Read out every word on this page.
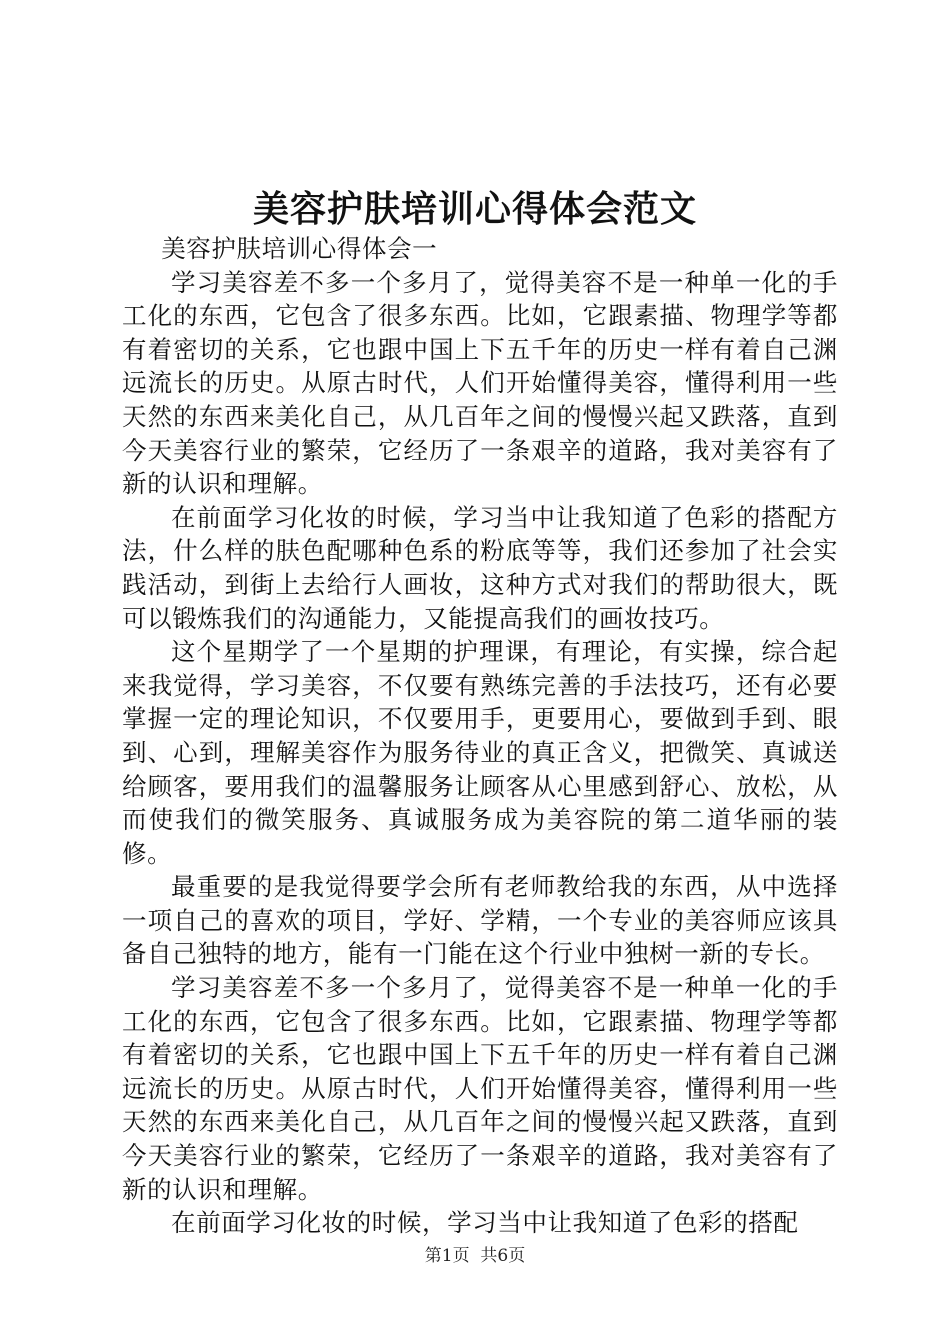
美容护肤培训心得体会范文

美容护肤培训心得体会一

学习美容差不多一个多月了，觉得美容不是一种单一化的手工化的东西，它包含了很多东西。比如，它跟素描、物理学等都有着密切的关系，它也跟中国上下五千年的历史一样有着自己渊远流长的历史。从原古时代，人们开始懂得美容，懂得利用一些天然的东西来美化自己，从几百年之间的慢慢兴起又跌落，直到今天美容行业的繁荣，它经历了一条艰辛的道路，我对美容有了新的认识和理解。

在前面学习化妆的时候，学习当中让我知道了色彩的搭配方法，什么样的肤色配哪种色系的粉底等等，我们还参加了社会实践活动，到街上去给行人画妆，这种方式对我们的帮助很大，既可以锻炼我们的沟通能力，又能提高我们的画妆技巧。

这个星期学了一个星期的护理课，有理论，有实操，综合起来我觉得，学习美容，不仅要有熟练完善的手法技巧，还有必要掌握一定的理论知识，不仅要用手，更要用心，要做到手到、眼到、心到，理解美容作为服务待业的真正含义，把微笑、真诚送给顾客，要用我们的温馨服务让顾客从心里感到舒心、放松，从而使我们的微笑服务、真诚服务成为美容院的第二道华丽的装修。

最重要的是我觉得要学会所有老师教给我的东西，从中选择一项自己的喜欢的项目，学好、学精，一个专业的美容师应该具备自己独特的地方，能有一门能在这个行业中独树一新的专长。

学习美容差不多一个多月了，觉得美容不是一种单一化的手工化的东西，它包含了很多东西。比如，它跟素描、物理学等都有着密切的关系，它也跟中国上下五千年的历史一样有着自己渊远流长的历史。从原古时代，人们开始懂得美容，懂得利用一些天然的东西来美化自己，从几百年之间的慢慢兴起又跌落，直到今天美容行业的繁荣，它经历了一条艰辛的道路，我对美容有了新的认识和理解。

在前面学习化妆的时候，学习当中让我知道了色彩的搭配

第1页 共6页
